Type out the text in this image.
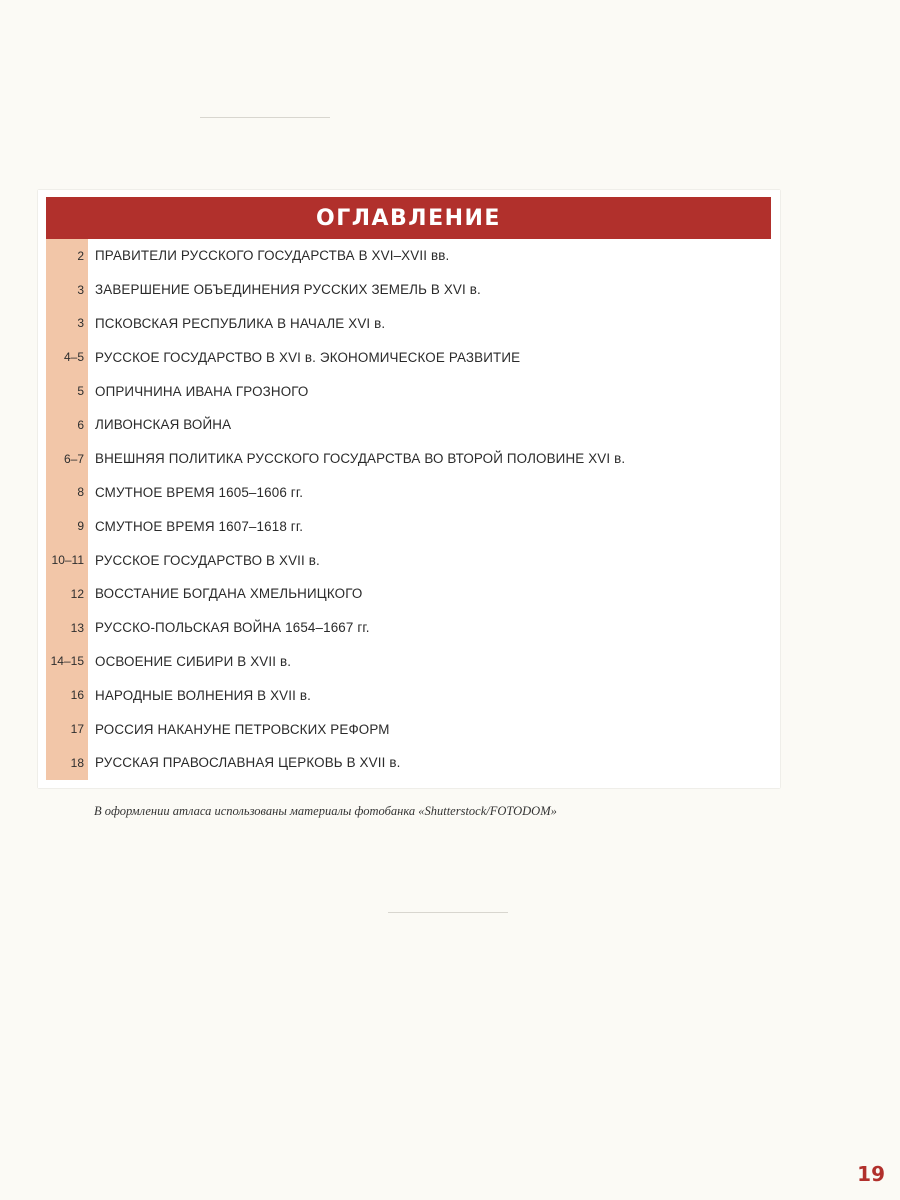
ОГЛАВЛЕНИЕ
2 ПРАВИТЕЛИ РУССКОГО ГОСУДАРСТВА В XVI–XVII вв.
3 ЗАВЕРШЕНИЕ ОБЪЕДИНЕНИЯ РУССКИХ ЗЕМЕЛЬ В XVI в.
3 ПСКОВСКАЯ РЕСПУБЛИКА В НАЧАЛЕ XVI в.
4–5 РУССКОЕ ГОСУДАРСТВО В XVI в. ЭКОНОМИЧЕСКОЕ РАЗВИТИЕ
5 ОПРИЧНИНА ИВАНА ГРОЗНОГО
6 ЛИВОНСКАЯ ВОЙНА
6–7 ВНЕШНЯЯ ПОЛИТИКА РУССКОГО ГОСУДАРСТВА ВО ВТОРОЙ ПОЛОВИНЕ XVI в.
8 СМУТНОЕ ВРЕМЯ 1605–1606 гг.
9 СМУТНОЕ ВРЕМЯ 1607–1618 гг.
10–11 РУССКОЕ ГОСУДАРСТВО В XVII в.
12 ВОССТАНИЕ БОГДАНА ХМЕЛЬНИЦКОГО
13 РУССКО-ПОЛЬСКАЯ ВОЙНА 1654–1667 гг.
14–15 ОСВОЕНИЕ СИБИРИ В XVII в.
16 НАРОДНЫЕ ВОЛНЕНИЯ В XVII в.
17 РОССИЯ НАКАНУНЕ ПЕТРОВСКИХ РЕФОРМ
18 РУССКАЯ ПРАВОСЛАВНАЯ ЦЕРКОВЬ В XVII в.
В оформлении атласа использованы материалы фотобанка «Shutterstock/FOTODOM»
19
